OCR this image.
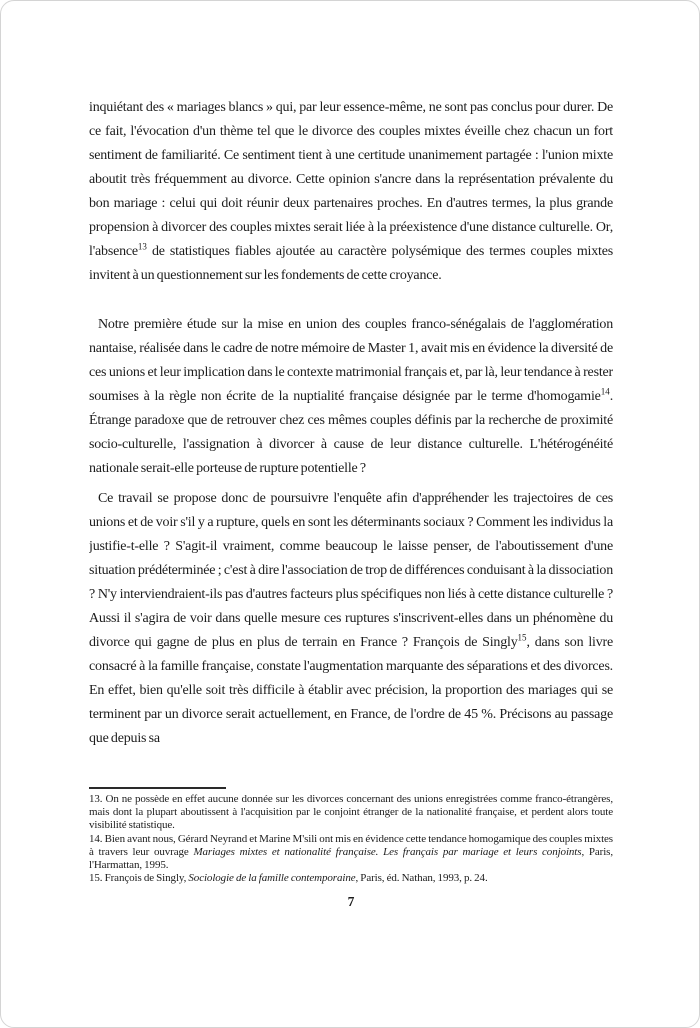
inquiétant des « mariages blancs » qui, par leur essence-même, ne sont pas conclus pour durer. De ce fait, l'évocation d'un thème tel que le divorce des couples mixtes éveille chez chacun un fort sentiment de familiarité. Ce sentiment tient à une certitude unanimement partagée : l'union mixte aboutit très fréquemment au divorce. Cette opinion s'ancre dans la représentation prévalente du bon mariage : celui qui doit réunir deux partenaires proches. En d'autres termes, la plus grande propension à divorcer des couples mixtes serait liée à la préexistence d'une distance culturelle. Or, l'absence$^{13}$ de statistiques fiables ajoutée au caractère polysémique des termes couples mixtes invitent à un questionnement sur les fondements de cette croyance.

Notre première étude sur la mise en union des couples franco-sénégalais de l'agglomération nantaise, réalisée dans le cadre de notre mémoire de Master 1, avait mis en évidence la diversité de ces unions et leur implication dans le contexte matrimonial français et, par là, leur tendance à rester soumises à la règle non écrite de la nuptialité française désignée par le terme d'homogamie$^{14}$. Étrange paradoxe que de retrouver chez ces mêmes couples définis par la recherche de proximité socio-culturelle, l'assignation à divorcer à cause de leur distance culturelle. L'hétérogénéité nationale serait-elle porteuse de rupture potentielle ?

Ce travail se propose donc de poursuivre l'enquête afin d'appréhender les trajectoires de ces unions et de voir s'il y a rupture, quels en sont les déterminants sociaux ? Comment les individus la justifie-t-elle ? S'agit-il vraiment, comme beaucoup le laisse penser, de l'aboutissement d'une situation prédéterminée ; c'est à dire l'association de trop de différences conduisant à la dissociation ? N'y interviendraient-ils pas d'autres facteurs plus spécifiques non liés à cette distance culturelle ? Aussi il s'agira de voir dans quelle mesure ces ruptures s'inscrivent-elles dans un phénomène du divorce qui gagne de plus en plus de terrain en France ? François de Singly$^{15}$, dans son livre consacré à la famille française, constate l'augmentation marquante des séparations et des divorces. En effet, bien qu'elle soit très difficile à établir avec précision, la proportion des mariages qui se terminent par un divorce serait actuellement, en France, de l'ordre de 45 %. Précisons au passage que depuis sa

13. On ne possède en effet aucune donnée sur les divorces concernant des unions enregistrées comme franco-étrangères, mais dont la plupart aboutissent à l'acquisition par le conjoint étranger de la nationalité française, et perdent alors toute visibilité statistique.

14. Bien avant nous, Gérard Neyrand et Marine M'sili ont mis en évidence cette tendance homogamique des couples mixtes à travers leur ouvrage Mariages mixtes et nationalité française. Les français par mariage et leurs conjoints, Paris, l'Harmattan, 1995.

15. François de Singly, Sociologie de la famille contemporaine, Paris, éd. Nathan, 1993, p. 24.

7
